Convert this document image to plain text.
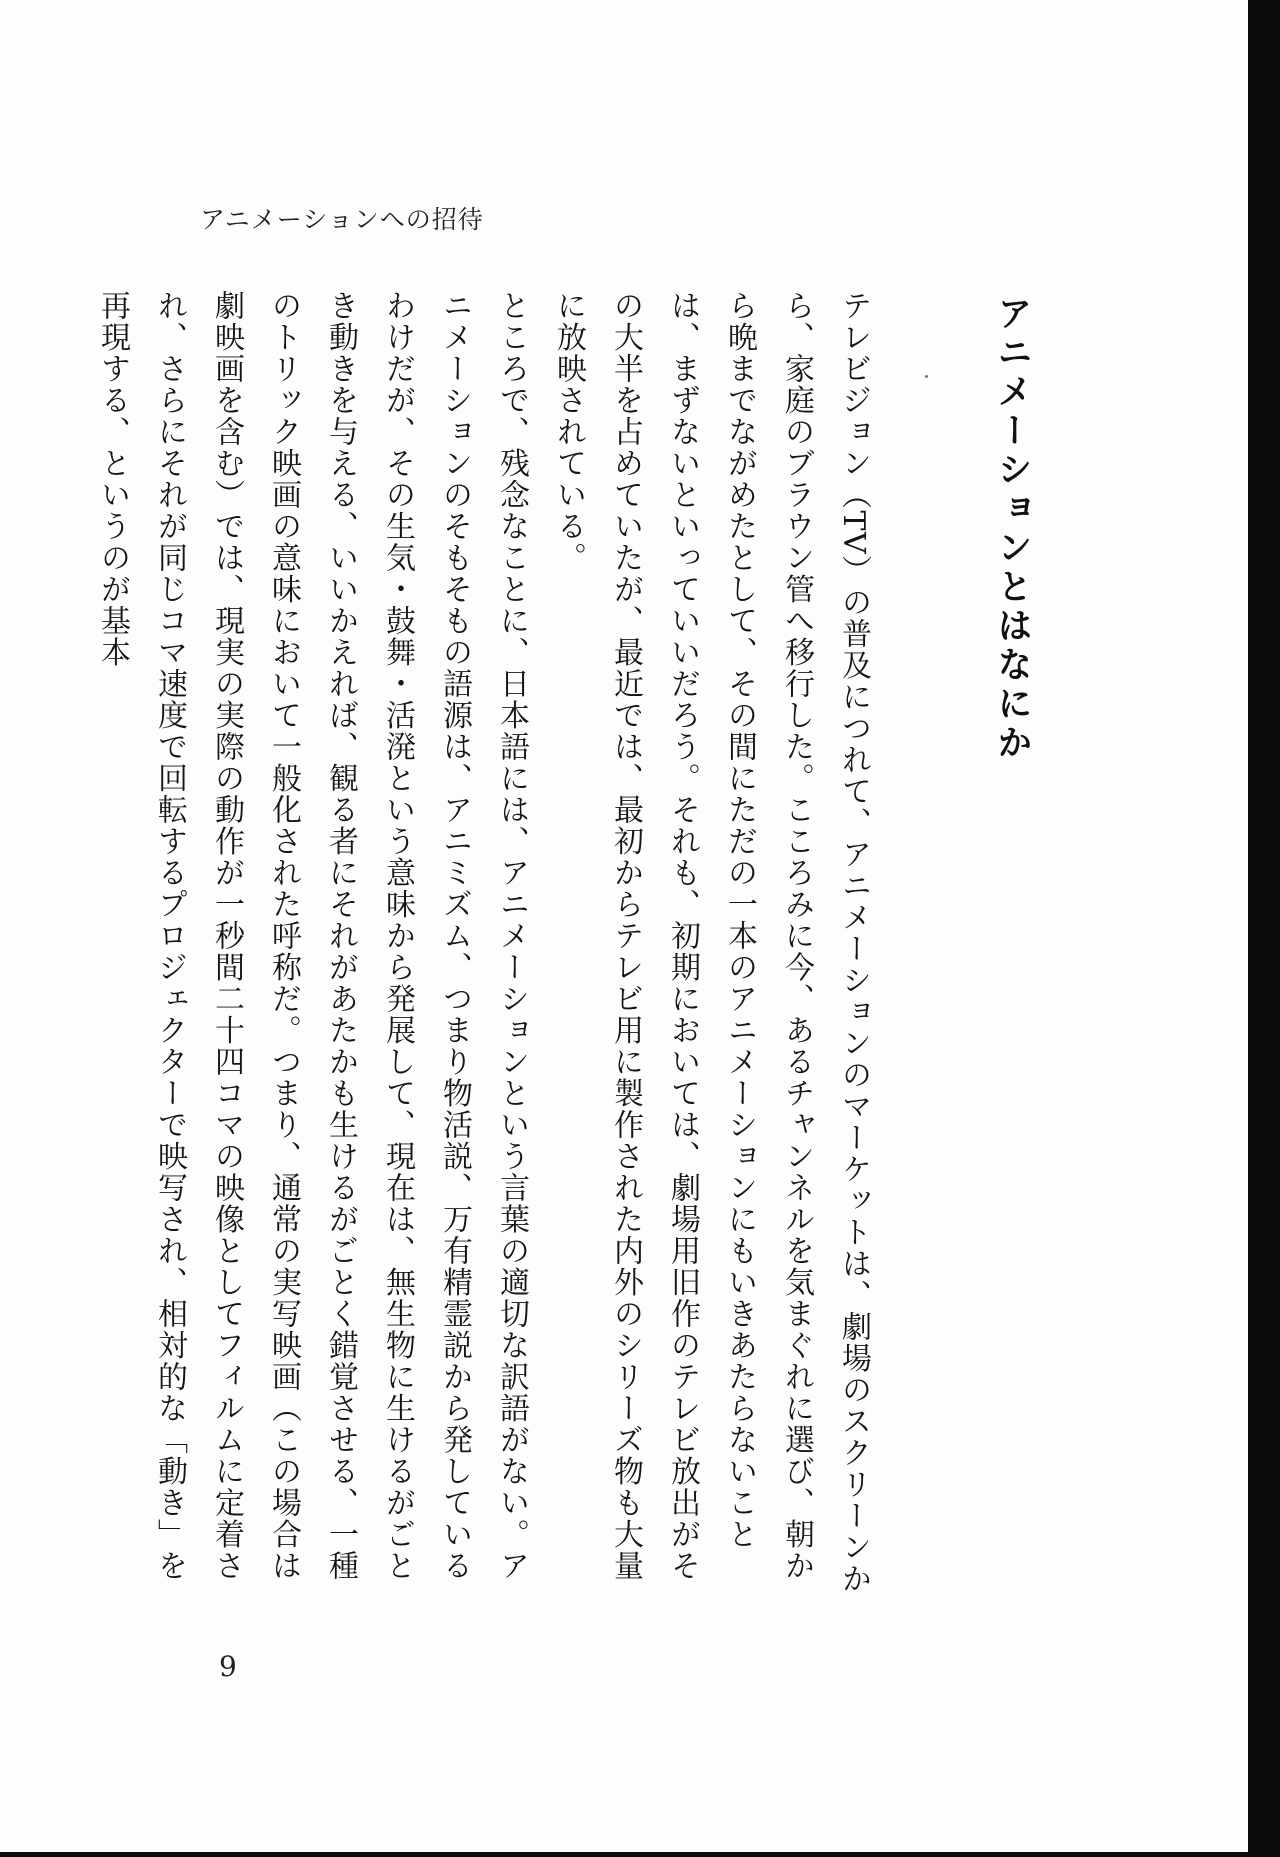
アニメーションへの招待
アニメーションとはなにか

テレビジョン（TV）の普及につれて、アニメーションのマーケットは、劇場のスクリーンから、家庭のブラウン管へ移行した。こころみに今、あるチャンネルを気まぐれに選び、朝から晩までながめたとして、その間にただの一本のアニメーションにもいきあたらないことは、まずないといっていいだろう。それも、初期においては、劇場用旧作のテレビ放出がその大半を占めていたが、最近では、最初からテレビ用に製作された内外のシリーズ物も大量に放映されている。

ところで、残念なことに、日本語には、アニメーションという言葉の適切な訳語がない。アニメーションのそもそもの語源は、アニミズム、つまり物活説、万有精霊説から発しているわけだが、その生気・鼓舞・活溌という意味から発展して、現在は、無生物に生けるがごとき動きを与える、いいかえれば、観る者にそれがあたかも生けるがごとく錯覚させる、一種のトリック映画の意味において一般化された呼称だ。つまり、通常の実写映画（この場合は劇映画を含む）では、現実の実際の動作が一秒間二十四コマの映像としてフィルムに定着され、さらにそれが同じコマ速度で回転するプロジェクターで映写され、相対的な「動き」を再現する、というのが基本

9
